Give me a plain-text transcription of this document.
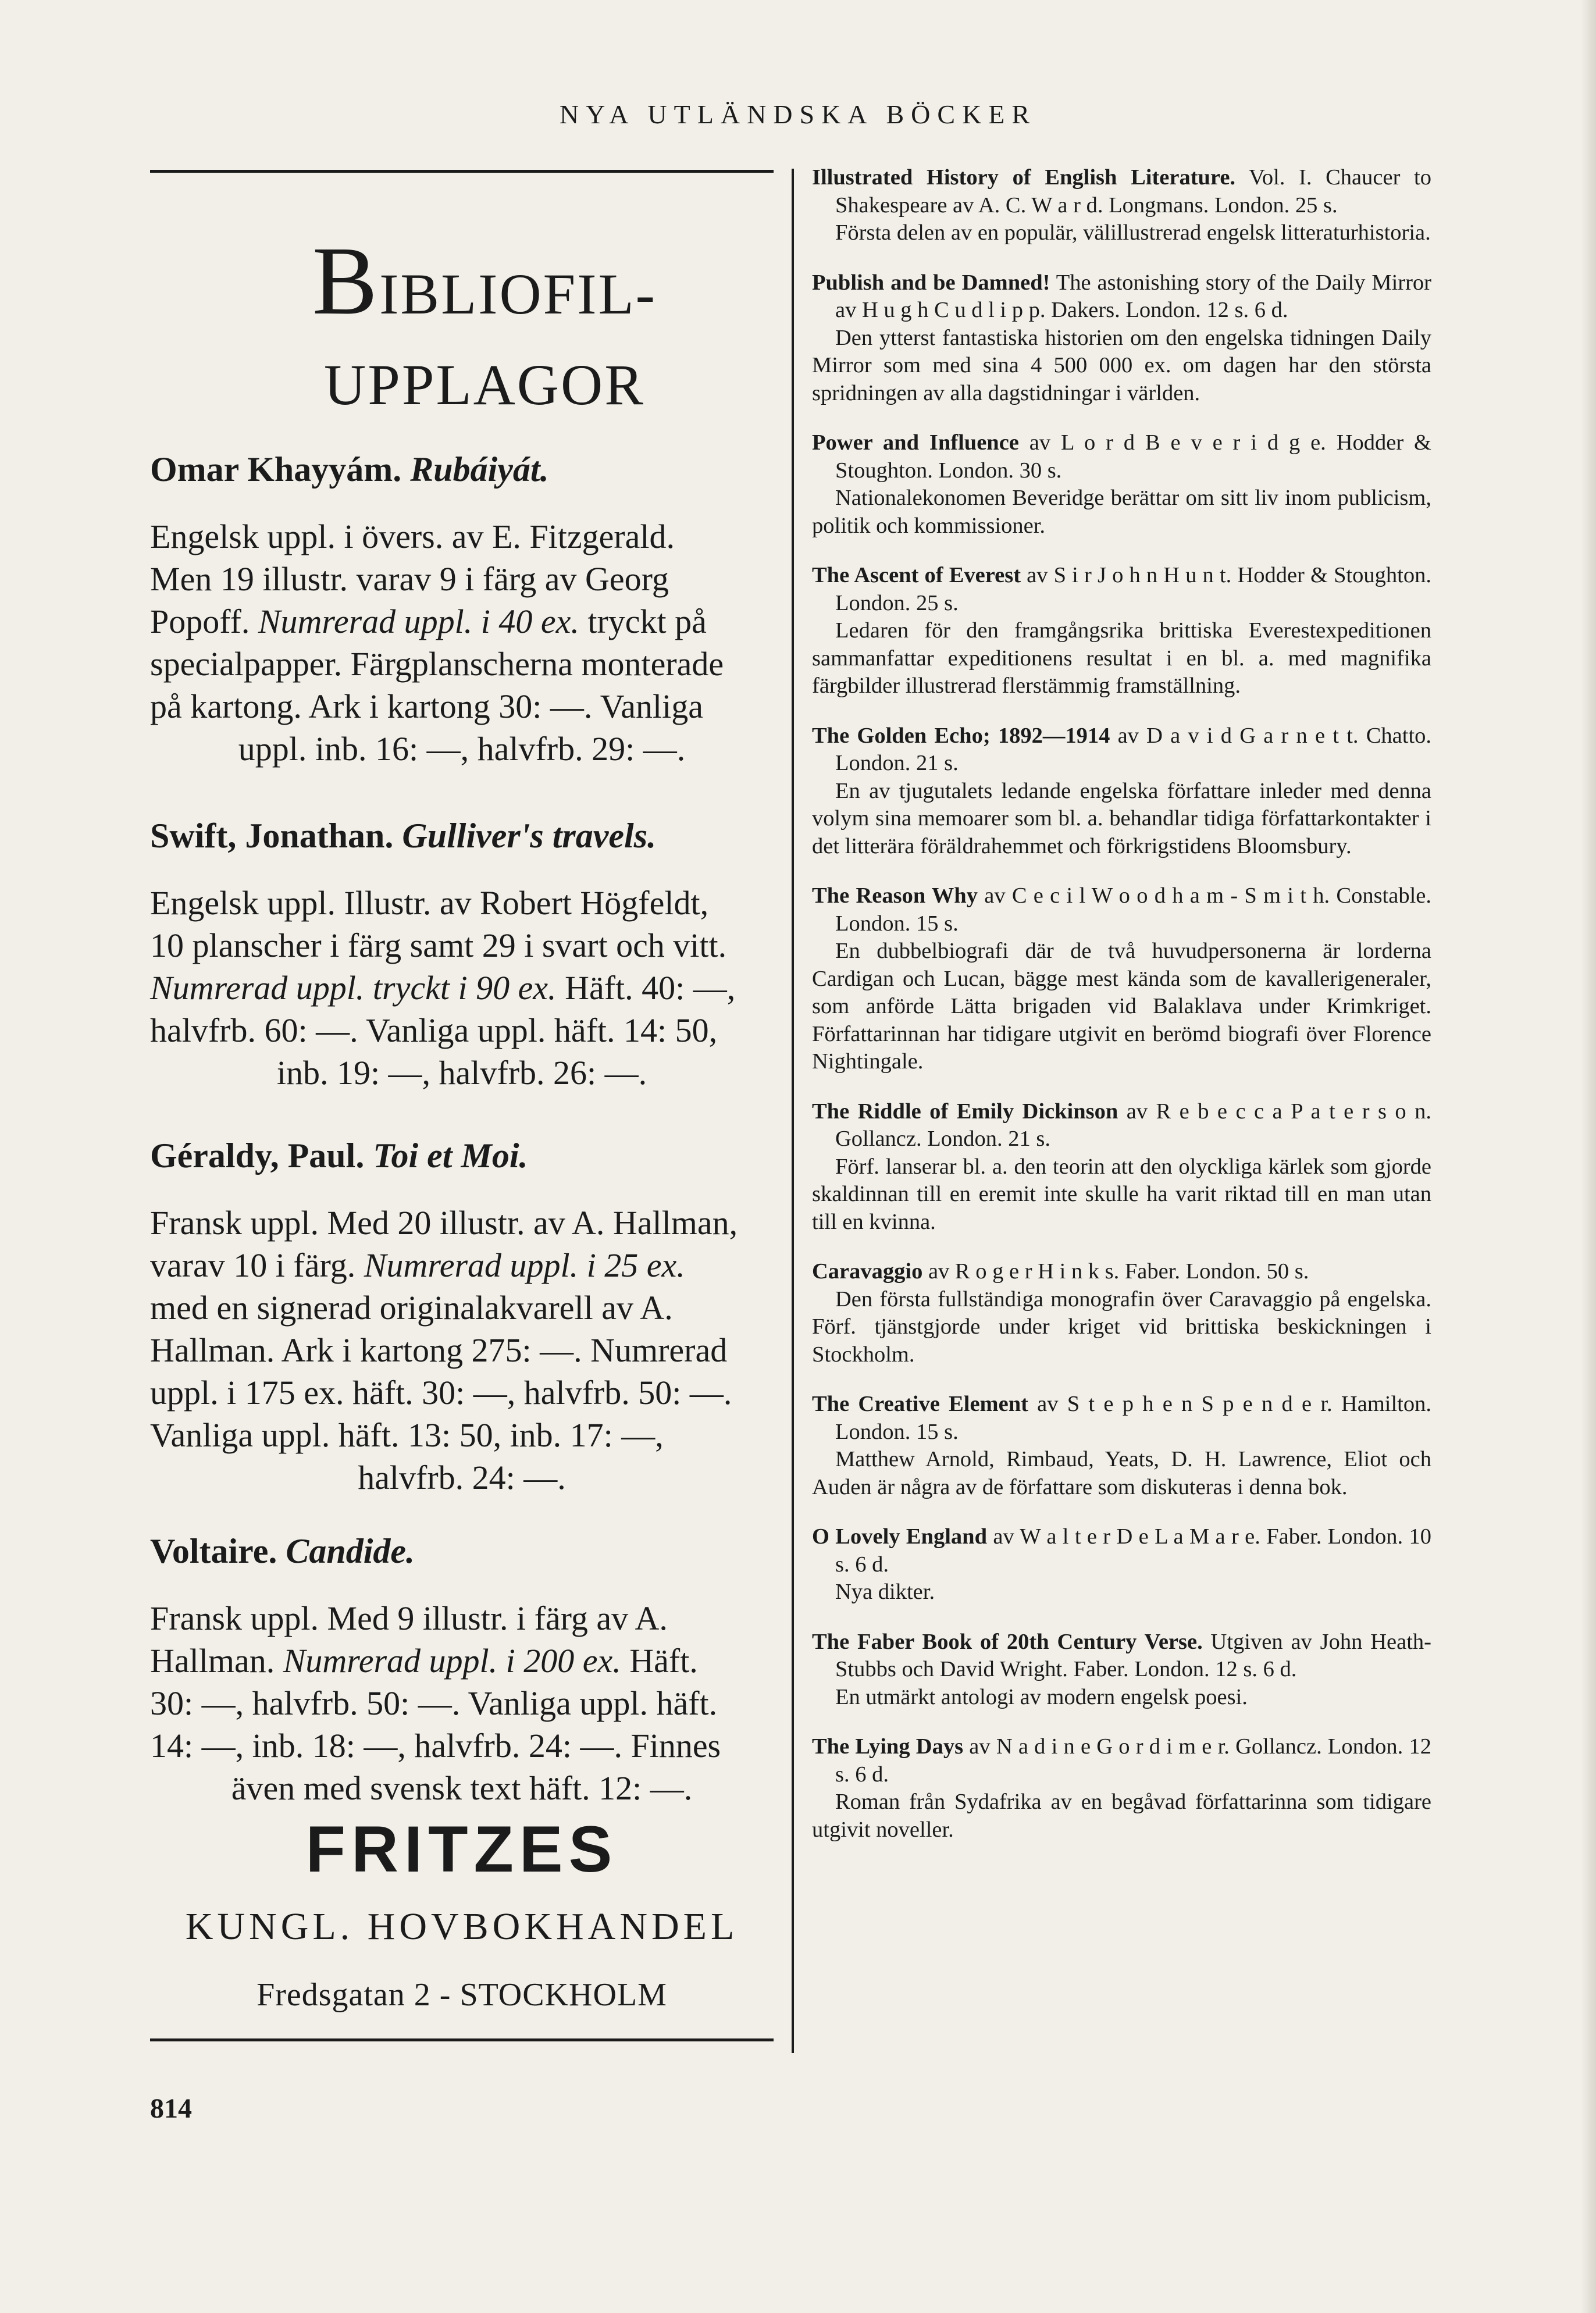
NYA UTLÄNDSKA BÖCKER
BIBLIOFIL-
UPPLAGOR
Omar Khayyám. Rubáiyát.

Engelsk uppl. i övers. av E. Fitzgerald.

Men 19 illustr. varav 9 i färg av Georg

Popoff. Numrerad uppl. i 40 ex. tryckt på

specialpapper. Färgplanscherna monterade

på kartong. Ark i kartong 30: —. Vanliga

uppl. inb. 16: —, halvfrb. 29: —.

Swift, Jonathan. Gulliver's travels.

Engelsk uppl. Illustr. av Robert Högfeldt,

10 planscher i färg samt 29 i svart och vitt.

Numrerad uppl. tryckt i 90 ex. Häft. 40: —,

halvfrb. 60: —. Vanliga uppl. häft. 14: 50,

inb. 19: —, halvfrb. 26: —.

Géraldy, Paul. Toi et Moi.

Fransk uppl. Med 20 illustr. av A. Hallman,

varav 10 i färg. Numrerad uppl. i 25 ex.

med en signerad originalakvarell av A.

Hallman. Ark i kartong 275: —. Numrerad

uppl. i 175 ex. häft. 30: —, halvfrb. 50: —.

Vanliga uppl. häft. 13: 50, inb. 17: —,

halvfrb. 24: —.

Voltaire. Candide.

Fransk uppl. Med 9 illustr. i färg av A.

Hallman. Numrerad uppl. i 200 ex. Häft.

30: —, halvfrb. 50: —. Vanliga uppl. häft.

14: —, inb. 18: —, halvfrb. 24: —. Finnes

även med svensk text häft. 12: —.

FRITZES
KUNGL. HOVBOKHANDEL
Fredsgatan 2 - STOCKHOLM
814

Illustrated History of English Literature. Vol. I. Chaucer to Shakespeare av A. C. W a r d. Longmans. London. 25 s.

Första delen av en populär, välillustrerad engelsk litteraturhistoria.

Publish and be Damned! The astonishing story of the Daily Mirror av H u g h C u d l i p p. Dakers. London. 12 s. 6 d.

Den ytterst fantastiska historien om den engelska tidningen Daily Mirror som med sina 4 500 000 ex. om dagen har den största spridningen av alla dagstidningar i världen.

Power and Influence av L o r d B e v e r i d g e. Hodder & Stoughton. London. 30 s.

Nationalekonomen Beveridge berättar om sitt liv inom publicism, politik och kommissioner.

The Ascent of Everest av S i r J o h n H u n t. Hodder & Stoughton. London. 25 s.

Ledaren för den framgångsrika brittiska Everestexpeditionen sammanfattar expeditionens resultat i en bl. a. med magnifika färgbilder illustrerad flerstämmig framställning.

The Golden Echo; 1892—1914 av D a v i d G a r n e t t. Chatto. London. 21 s.

En av tjugutalets ledande engelska författare inleder med denna volym sina memoarer som bl. a. behandlar tidiga författarkontakter i det litterära föräldrahemmet och förkrigstidens Bloomsbury.

The Reason Why av C e c i l W o o d h a m - S m i t h. Constable. London. 15 s.

En dubbelbiografi där de två huvudpersonerna är lorderna Cardigan och Lucan, bägge mest kända som de kavallerigeneraler, som anförde Lätta brigaden vid Balaklava under Krimkriget. Författarinnan har tidigare utgivit en berömd biografi över Florence Nightingale.

The Riddle of Emily Dickinson av R e b e c c a P a t e r s o n. Gollancz. London. 21 s.

Förf. lanserar bl. a. den teorin att den olyckliga kärlek som gjorde skaldinnan till en eremit inte skulle ha varit riktad till en man utan till en kvinna.

Caravaggio av R o g e r H i n k s. Faber. London. 50 s.

Den första fullständiga monografin över Caravaggio på engelska. Förf. tjänstgjorde under kriget vid brittiska beskickningen i Stockholm.

The Creative Element av S t e p h e n S p e n d e r. Hamilton. London. 15 s.

Matthew Arnold, Rimbaud, Yeats, D. H. Lawrence, Eliot och Auden är några av de författare som diskuteras i denna bok.

O Lovely England av W a l t e r D e L a M a r e. Faber. London. 10 s. 6 d.

Nya dikter.

The Faber Book of 20th Century Verse. Utgiven av John Heath-Stubbs och David Wright. Faber. London. 12 s. 6 d.

En utmärkt antologi av modern engelsk poesi.

The Lying Days av N a d i n e G o r d i m e r. Gollancz. London. 12 s. 6 d.

Roman från Sydafrika av en begåvad författarinna som tidigare utgivit noveller.
